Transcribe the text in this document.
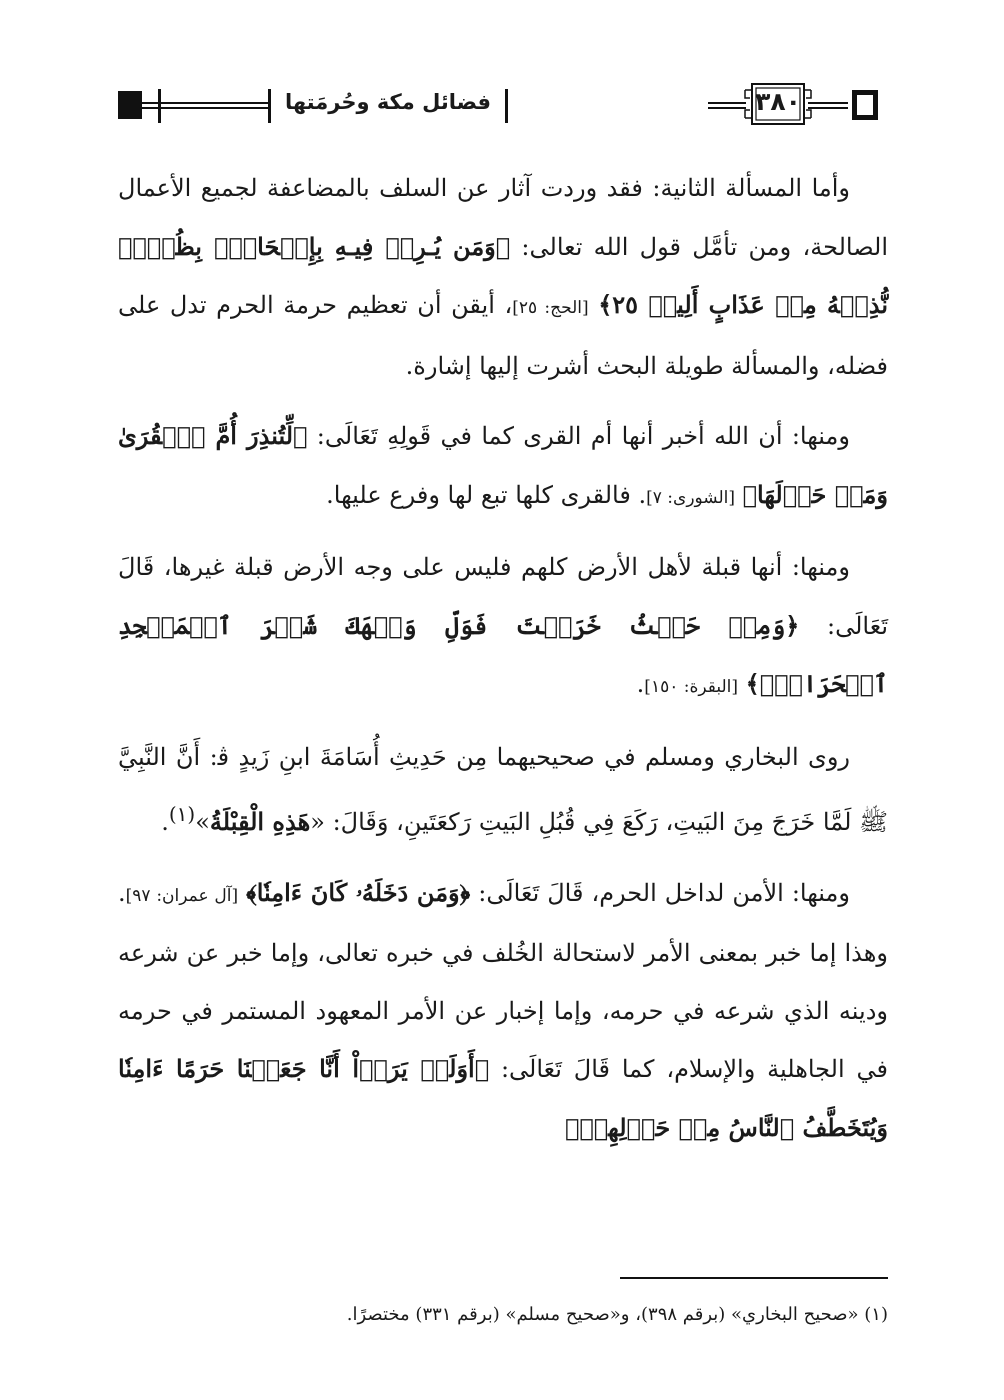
فضائل مكة وحُرمَتها	٣٨٠

وأما المسألة الثانية: فقد وردت آثار عن السلف بالمضاعفة لجميع الأعمال الصالحة، ومن تأمَّل قول الله تعالى: ﴿وَمَن يُـرِدۡ فِيـهِ بِإِلۡحَادِۭ بِظُلۡمٖ نُّذِقۡهُ مِنۡ عَذَابٍ أَلِيمٖ ٢٥﴾ [الحج: ٢٥]، أيقن أن تعظيم حرمة الحرم تدل على فضله، والمسألة طويلة البحث أشرت إليها إشارة.

ومنها: أن الله أخبر أنها أم القرى كما في قَولِهِ تَعَالَى: ﴿لِّتُنذِرَ أُمَّ ٱلۡقُرَىٰ وَمَنۡ حَوۡلَهَا﴾ [الشورى: ٧]. فالقرى كلها تبع لها وفرع عليها.

ومنها: أنها قبلة لأهل الأرض كلهم فليس على وجه الأرض قبلة غيرها، قَالَ تَعَالَى: ﴿وَمِنۡ حَيۡثُ خَرَجۡتَ فَوَلِّ وَجۡهَكَ شَطۡرَ ٱلۡمَسۡجِدِ ٱلۡحَرَامِۚ﴾ [البقرة: ١٥٠].

روى البخاري ومسلم في صحيحيهما مِن حَدِيثِ أُسَامَةَ ابنِ زَيدٍ ﭬ: أَنَّ النَّبِيَّ ﷺ لَمَّا خَرَجَ مِنَ البَيتِ، رَكَعَ فِي قُبُلِ البَيتِ رَكعَتَينِ، وَقَالَ: «هَذِهِ الْقِبْلَةُ»$^{(١)}$.

ومنها: الأمن لداخل الحرم، قَالَ تَعَالَى: ﴿وَمَن دَخَلَهُۥ كَانَ ءَامِنٗا﴾ [آل عمران: ٩٧]. وهذا إما خبر بمعنى الأمر لاستحالة الخُلف في خبره تعالى، وإما خبر عن شرعه ودينه الذي شرعه في حرمه، وإما إخبار عن الأمر المعهود المستمر في حرمه في الجاهلية والإسلام، كما قَالَ تَعَالَى: ﴿أَوَلَمۡ يَرَوۡاْ أَنَّا جَعَلۡنَا حَرَمًا ءَامِنٗا وَيُتَخَطَّفُ ٱلنَّاسُ مِنۡ حَوۡلِهِمۡۚ

(١) «صحيح البخاري» (برقم ٣٩٨)، و«صحيح مسلم» (برقم ٣٣١) مختصرًا.
